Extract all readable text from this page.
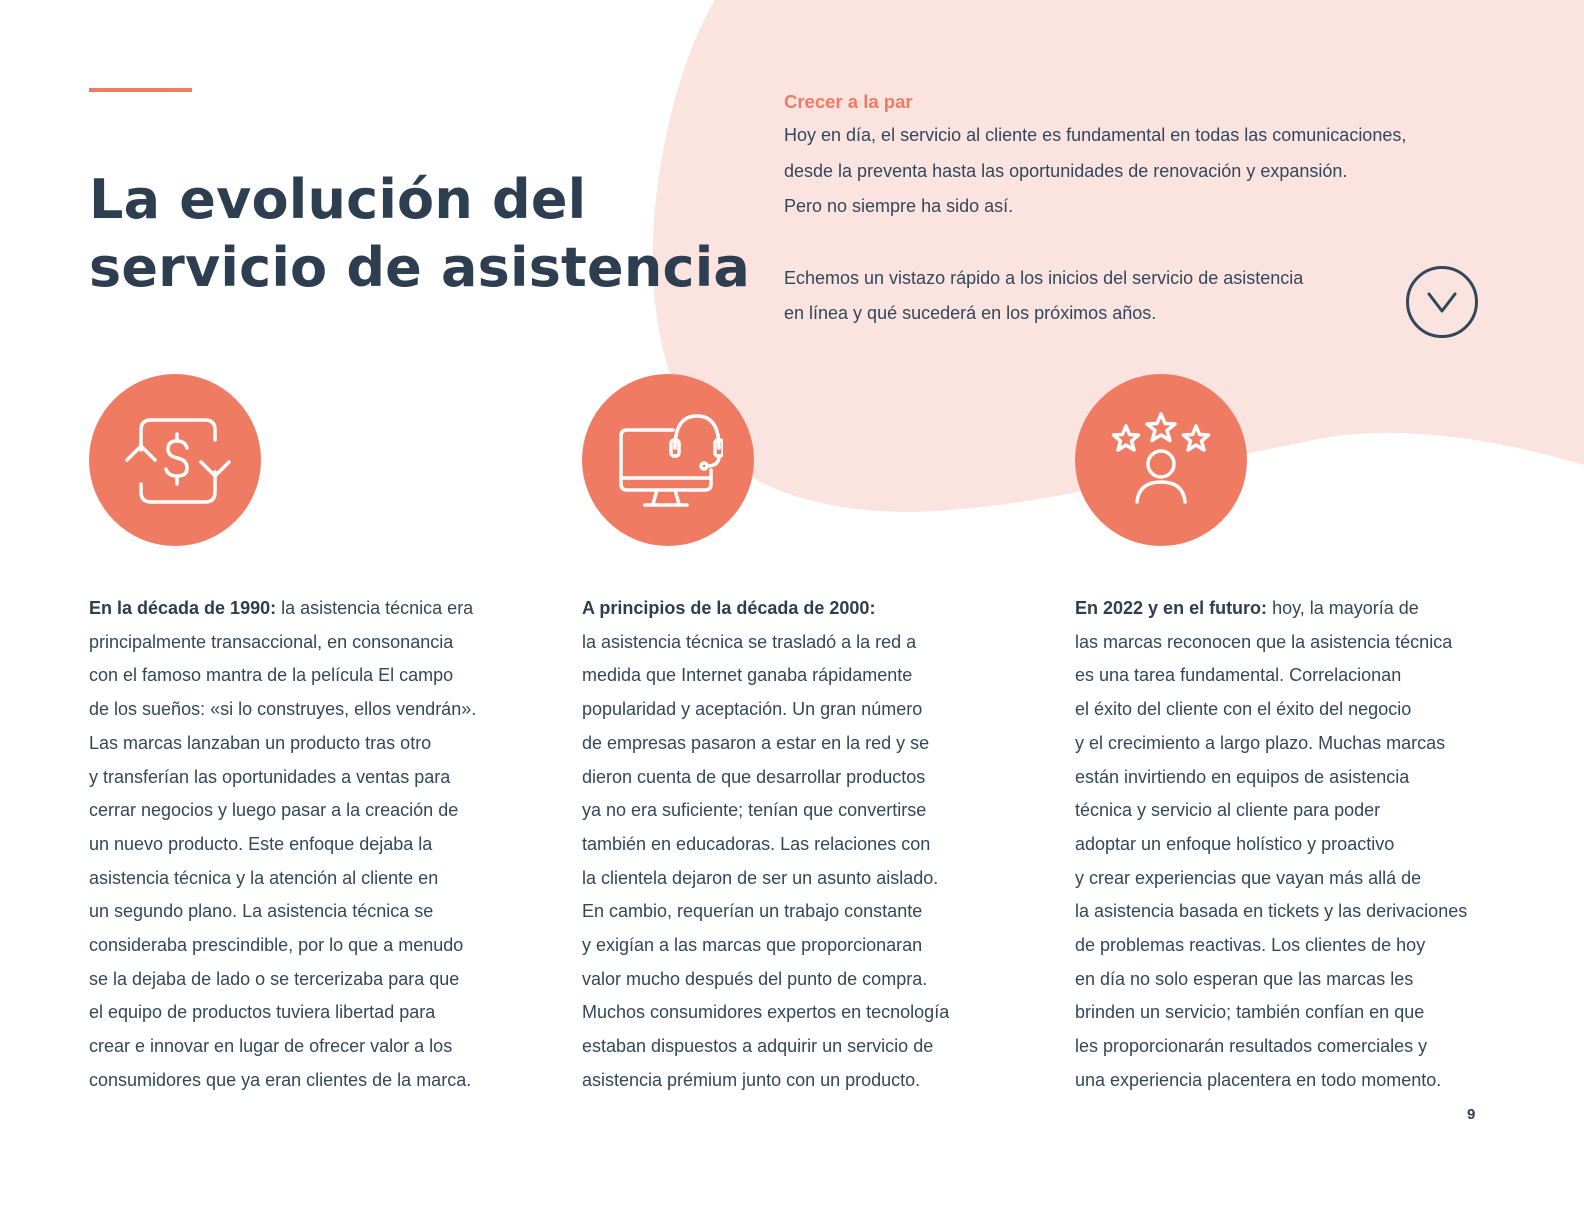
La evolución del
servicio de asistencia
Crecer a la par

Hoy en día, el servicio al cliente es fundamental en todas las comunicaciones,
desde la preventa hasta las oportunidades de renovación y expansión.
Pero no siempre ha sido así.

Echemos un vistazo rápido a los inicios del servicio de asistencia
en línea y qué sucederá en los próximos años.

En la década de 1990: la asistencia técnica era
principalmente transaccional, en consonancia
con el famoso mantra de la película El campo
de los sueños: «si lo construyes, ellos vendrán».
Las marcas lanzaban un producto tras otro
y transferían las oportunidades a ventas para
cerrar negocios y luego pasar a la creación de
un nuevo producto. Este enfoque dejaba la
asistencia técnica y la atención al cliente en
un segundo plano. La asistencia técnica se
consideraba prescindible, por lo que a menudo
se la dejaba de lado o se tercerizaba para que
el equipo de productos tuviera libertad para
crear e innovar en lugar de ofrecer valor a los
consumidores que ya eran clientes de la marca.
A principios de la década de 2000:
la asistencia técnica se trasladó a la red a
medida que Internet ganaba rápidamente
popularidad y aceptación. Un gran número
de empresas pasaron a estar en la red y se
dieron cuenta de que desarrollar productos
ya no era suficiente; tenían que convertirse
también en educadoras. Las relaciones con
la clientela dejaron de ser un asunto aislado.
En cambio, requerían un trabajo constante
y exigían a las marcas que proporcionaran
valor mucho después del punto de compra.
Muchos consumidores expertos en tecnología
estaban dispuestos a adquirir un servicio de
asistencia prémium junto con un producto.
En 2022 y en el futuro: hoy, la mayoría de
las marcas reconocen que la asistencia técnica
es una tarea fundamental. Correlacionan
el éxito del cliente con el éxito del negocio
y el crecimiento a largo plazo. Muchas marcas
están invirtiendo en equipos de asistencia
técnica y servicio al cliente para poder
adoptar un enfoque holístico y proactivo
y crear experiencias que vayan más allá de
la asistencia basada en tickets y las derivaciones
de problemas reactivas. Los clientes de hoy
en día no solo esperan que las marcas les
brinden un servicio; también confían en que
les proporcionarán resultados comerciales y
una experiencia placentera en todo momento.
9
